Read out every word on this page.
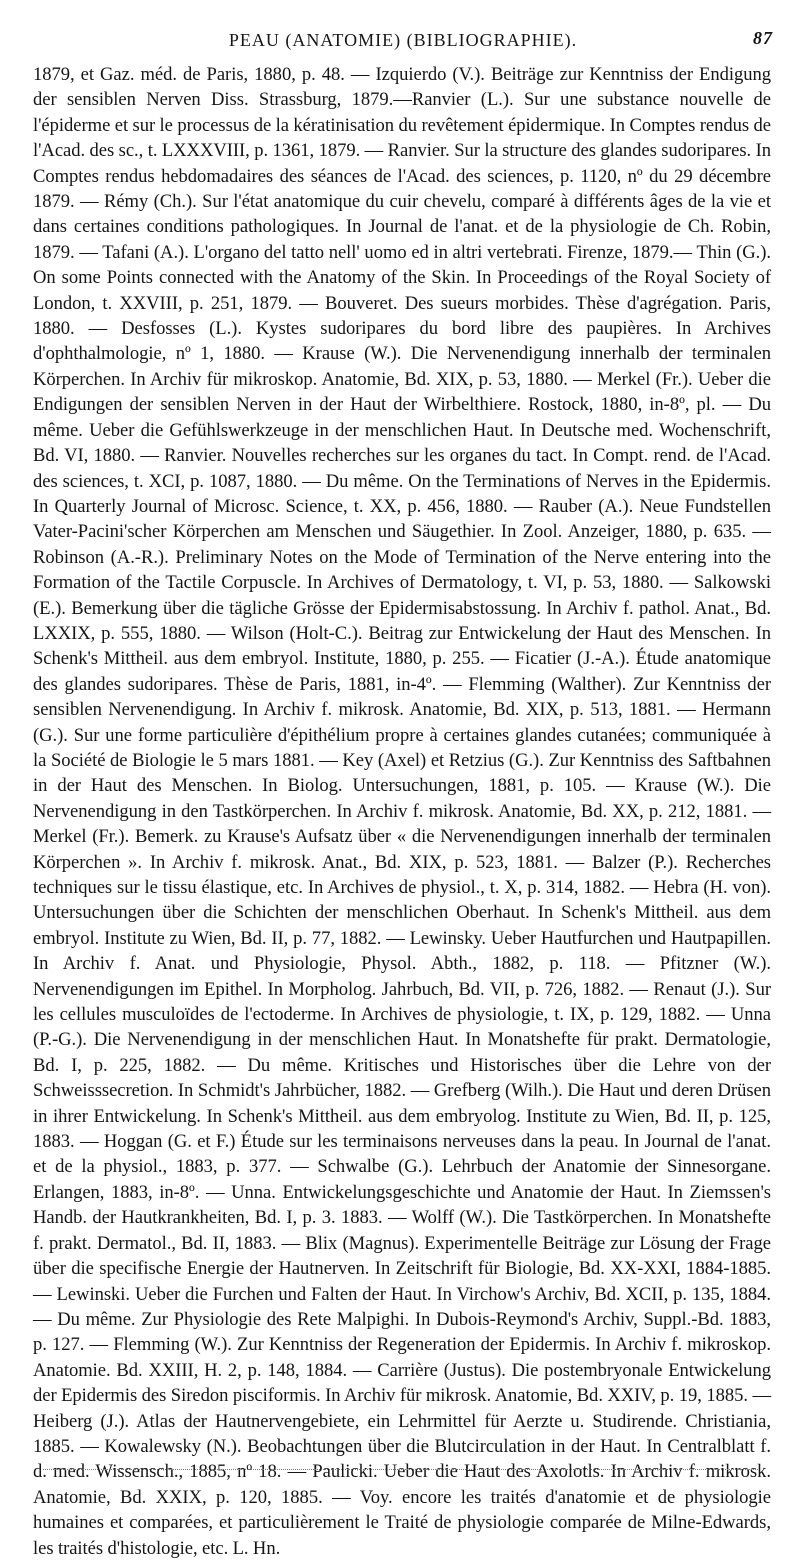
PEAU (ANATOMIE) (BIBLIOGRAPHIE).	87

1879, et Gaz. méd. de Paris, 1880, p. 48. — Izquierdo (V.). Beiträge zur Kenntniss der Endigung der sensiblen Nerven Diss. Strassburg, 1879.—Ranvier (L.). Sur une substance nouvelle de l'épiderme et sur le processus de la kératinisation du revêtement épidermique. In Comptes rendus de l'Acad. des sc., t. LXXXVIII, p. 1361, 1879. — Ranvier. Sur la structure des glandes sudoripares. In Comptes rendus hebdomadaires des séances de l'Acad. des sciences, p. 1120, nº du 29 décembre 1879. — Rémy (Ch.). Sur l'état anatomique du cuir chevelu, comparé à différents âges de la vie et dans certaines conditions pathologiques. In Journal de l'anat. et de la physiologie de Ch. Robin, 1879. — Tafani (A.). L'organo del tatto nell' uomo ed in altri vertebrati. Firenze, 1879.— Thin (G.). On some Points connected with the Anatomy of the Skin. In Proceedings of the Royal Society of London, t. XXVIII, p. 251, 1879. — Bouveret. Des sueurs morbides. Thèse d'agrégation. Paris, 1880. — Desfosses (L.). Kystes sudoripares du bord libre des paupières. In Archives d'ophthalmologie, nº 1, 1880. — Krause (W.). Die Nervenendigung innerhalb der terminalen Körperchen. In Archiv für mikroskop. Anatomie, Bd. XIX, p. 53, 1880. — Merkel (Fr.). Ueber die Endigungen der sensiblen Nerven in der Haut der Wirbelthiere. Rostock, 1880, in-8º, pl. — Du même. Ueber die Gefühlswerkzeuge in der menschlichen Haut. In Deutsche med. Wochenschrift, Bd. VI, 1880. — Ranvier. Nouvelles recherches sur les organes du tact. In Compt. rend. de l'Acad. des sciences, t. XCI, p. 1087, 1880. — Du même. On the Terminations of Nerves in the Epidermis. In Quarterly Journal of Microsc. Science, t. XX, p. 456, 1880. — Rauber (A.). Neue Fundstellen Vater-Pacini'scher Körperchen am Menschen und Säugethier. In Zool. Anzeiger, 1880, p. 635. — Robinson (A.-R.). Preliminary Notes on the Mode of Termination of the Nerve entering into the Formation of the Tactile Corpuscle. In Archives of Dermatology, t. VI, p. 53, 1880. — Salkowski (E.). Bemerkung über die tägliche Grösse der Epidermisabstossung. In Archiv f. pathol. Anat., Bd. LXXIX, p. 555, 1880. — Wilson (Holt-C.). Beitrag zur Entwickelung der Haut des Menschen. In Schenk's Mittheil. aus dem embryol. Institute, 1880, p. 255. — Ficatier (J.-A.). Étude anatomique des glandes sudoripares. Thèse de Paris, 1881, in-4º. — Flemming (Walther). Zur Kenntniss der sensiblen Nervenendigung. In Archiv f. mikrosk. Anatomie, Bd. XIX, p. 513, 1881. — Hermann (G.). Sur une forme particulière d'épithélium propre à certaines glandes cutanées; communiquée à la Société de Biologie le 5 mars 1881. — Key (Axel) et Retzius (G.). Zur Kenntniss des Saftbahnen in der Haut des Menschen. In Biolog. Untersuchungen, 1881, p. 105. — Krause (W.). Die Nervenendigung in den Tastkörperchen. In Archiv f. mikrosk. Anatomie, Bd. XX, p. 212, 1881. — Merkel (Fr.). Bemerk. zu Krause's Aufsatz über « die Nervenendigungen innerhalb der terminalen Körperchen ». In Archiv f. mikrosk. Anat., Bd. XIX, p. 523, 1881. — Balzer (P.). Recherches techniques sur le tissu élastique, etc. In Archives de physiol., t. X, p. 314, 1882. — Hebra (H. von). Untersuchungen über die Schichten der menschlichen Oberhaut. In Schenk's Mittheil. aus dem embryol. Institute zu Wien, Bd. II, p. 77, 1882. — Lewinsky. Ueber Hautfurchen und Hautpapillen. In Archiv f. Anat. und Physiologie, Physol. Abth., 1882, p. 118. — Pfitzner (W.). Nervenendigungen im Epithel. In Morpholog. Jahrbuch, Bd. VII, p. 726, 1882. — Renaut (J.). Sur les cellules musculoïdes de l'ectoderme. In Archives de physiologie, t. IX, p. 129, 1882. — Unna (P.-G.). Die Nervenendigung in der menschlichen Haut. In Monatshefte für prakt. Dermatologie, Bd. I, p. 225, 1882. — Du même. Kritisches und Historisches über die Lehre von der Schweisssecretion. In Schmidt's Jahrbücher, 1882. — Grefberg (Wilh.). Die Haut und deren Drüsen in ihrer Entwickelung. In Schenk's Mittheil. aus dem embryolog. Institute zu Wien, Bd. II, p. 125, 1883. — Hoggan (G. et F.) Étude sur les terminaisons nerveuses dans la peau. In Journal de l'anat. et de la physiol., 1883, p. 377. — Schwalbe (G.). Lehrbuch der Anatomie der Sinnesorgane. Erlangen, 1883, in-8º. — Unna. Entwickelungsgeschichte und Anatomie der Haut. In Ziemssen's Handb. der Hautkrankheiten, Bd. I, p. 3. 1883. — Wolff (W.). Die Tastkörperchen. In Monatshefte f. prakt. Dermatol., Bd. II, 1883. — Blix (Magnus). Experimentelle Beiträge zur Lösung der Frage über die specifische Energie der Hautnerven. In Zeitschrift für Biologie, Bd. XX-XXI, 1884-1885. — Lewinski. Ueber die Furchen und Falten der Haut. In Virchow's Archiv, Bd. XCII, p. 135, 1884. — Du même. Zur Physiologie des Rete Malpighi. In Dubois-Reymond's Archiv, Suppl.-Bd. 1883, p. 127. — Flemming (W.). Zur Kenntniss der Regeneration der Epidermis. In Archiv f. mikroskop. Anatomie. Bd. XXIII, H. 2, p. 148, 1884. — Carrière (Justus). Die postembryonale Entwickelung der Epidermis des Siredon pisciformis. In Archiv für mikrosk. Anatomie, Bd. XXIV, p. 19, 1885. — Heiberg (J.). Atlas der Hautnervengebiete, ein Lehrmittel für Aerzte u. Studirende. Christiania, 1885. — Kowalewsky (N.). Beobachtungen über die Blutcirculation in der Haut. In Centralblatt f. d. med. Wissensch., 1885, nº 18. — Paulicki. Ueber die Haut des Axolotls. In Archiv f. mikrosk. Anatomie, Bd. XXIX, p. 120, 1885. — Voy. encore les traités d'anatomie et de physiologie humaines et comparées, et particulièrement le Traité de physiologie comparée de Milne-Edwards, les traités d'histologie, etc. L. Hn.
